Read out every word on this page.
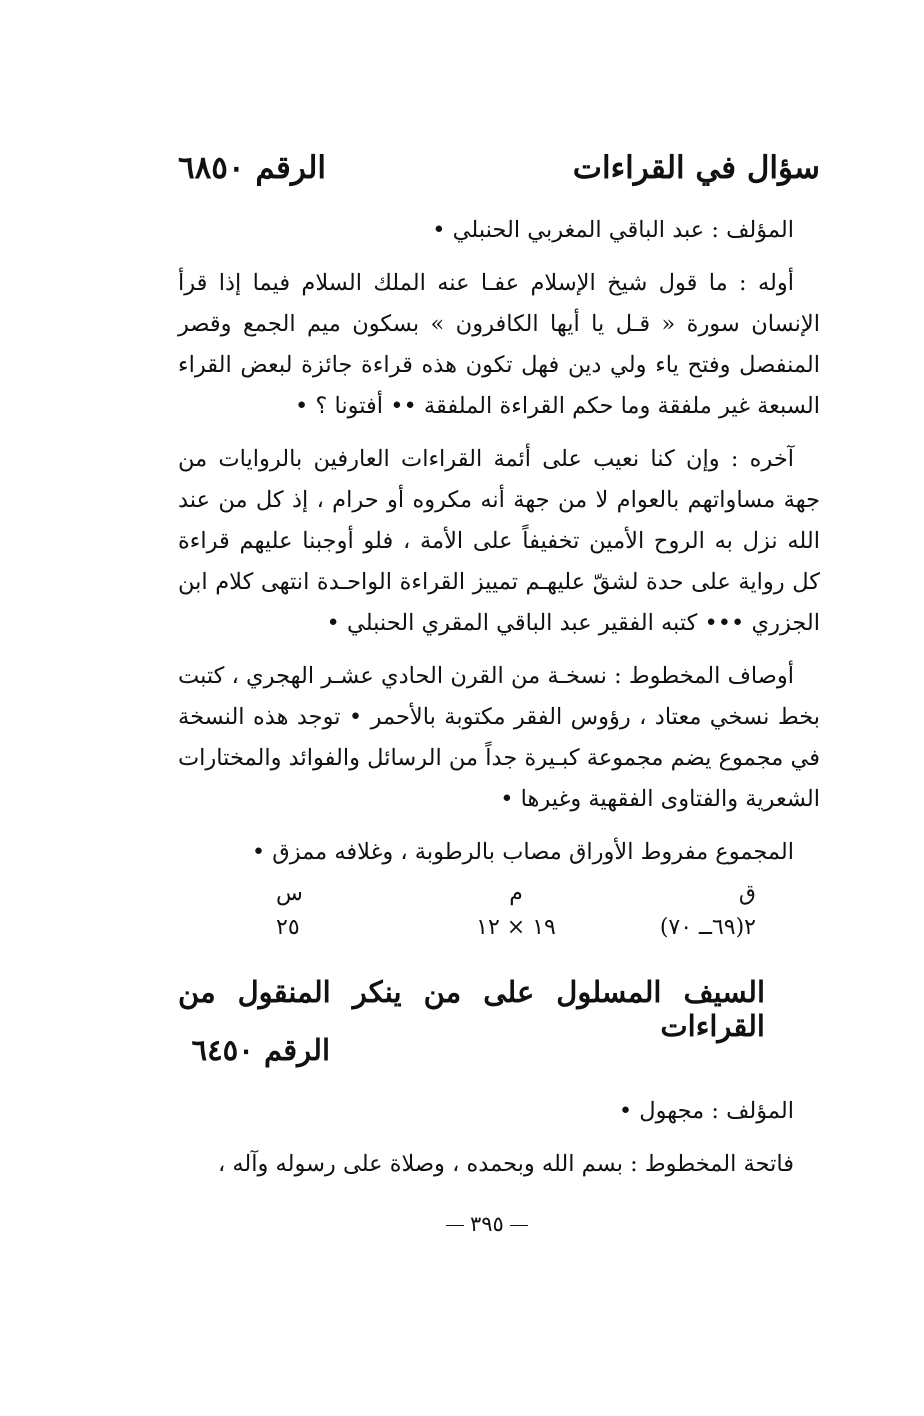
سؤال في القراءات
الرقم ٦٨٥٠

المؤلف : عبد الباقي المغربي الحنبلي •

أوله : ما قول شيخ الإسلام عفـا عنه الملك السلام فيما إذا قرأ الإنسان سورة « قـل يا أيها الكافرون » بسكون ميم الجمع وقصر المنفصل وفتح ياء ولي دين فهل تكون هذه قراءة جائزة لبعض القراء السبعة غير ملفقة وما حكم القراءة الملفقة •• أفتونا ؟ •

آخره : وإن كنا نعيب على أئمة القراءات العارفين بالروايات من جهة مساواتهم بالعوام لا من جهة أنه مكروه أو حرام ، إذ كل من عند الله نزل به الروح الأمين تخفيفاً على الأمة ، فلو أوجبنا عليهم قراءة كل رواية على حدة لشقّ عليهـم تمييز القراءة الواحـدة انتهى كلام ابن الجزري ••• كتبه الفقير عبد الباقي المقري الحنبلي •

أوصاف المخطوط : نسخـة من القرن الحادي عشـر الهجري ، كتبت بخط نسخي معتاد ، رؤوس الفقر مكتوبة بالأحمر • توجد هذه النسخة في مجموع يضم مجموعة كبـيرة جداً من الرسائل والفوائد والمختارات الشعرية والفتاوى الفقهية وغيرها •

المجموع مفروط الأوراق مصاب بالرطوبة ، وغلافه ممزق •

ق
م
س
٢(٦٩ــ ٧٠)
١٩ × ١٢
٢٥
السيف المسلول على من ينكر المنقول من القراءات
الرقم ٦٤٥٠

المؤلف : مجهول •

فاتحة المخطوط : بسم الله وبحمده ، وصلاة على رسوله وآله ،

٣٩٥
